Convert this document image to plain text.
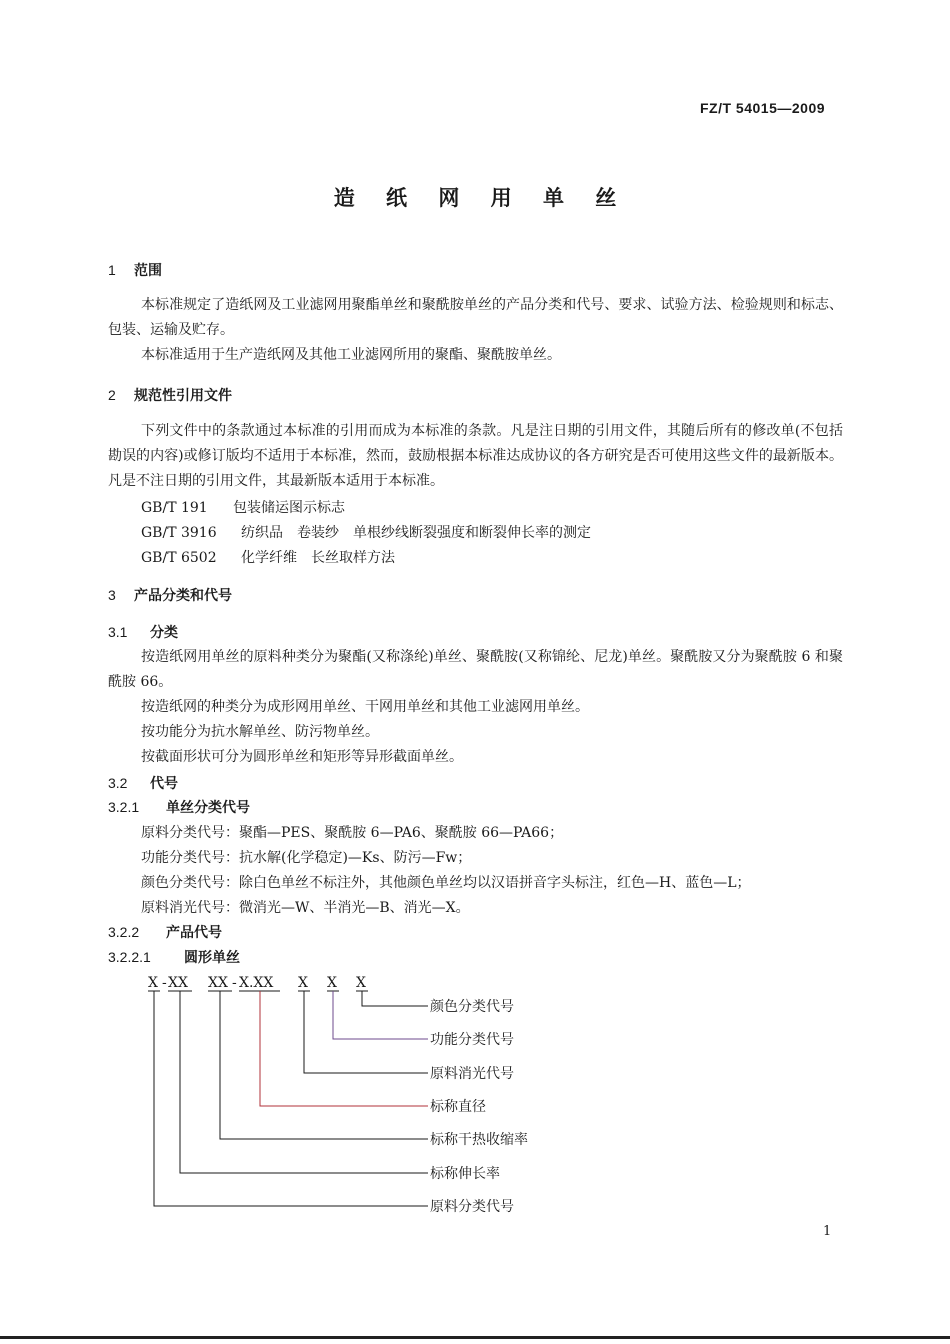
FZ/T 54015—2009
造 纸 网 用 单 丝
1 范围
本标准规定了造纸网及工业滤网用聚酯单丝和聚酰胺单丝的产品分类和代号、要求、试验方法、检验规则和标志、包装、运输及贮存。
本标准适用于生产造纸网及其他工业滤网所用的聚酯、聚酰胺单丝。
2 规范性引用文件
下列文件中的条款通过本标准的引用而成为本标准的条款。凡是注日期的引用文件，其随后所有的修改单(不包括勘误的内容)或修订版均不适用于本标准，然而，鼓励根据本标准达成协议的各方研究是否可使用这些文件的最新版本。凡是不注日期的引用文件，其最新版本适用于本标准。
GB/T 191 包装储运图示标志
GB/T 3916 纺织品　卷装纱　单根纱线断裂强度和断裂伸长率的测定
GB/T 6502 化学纤维　长丝取样方法
3 产品分类和代号
3.1 分类
按造纸网用单丝的原料种类分为聚酯(又称涤纶)单丝、聚酰胺(又称锦纶、尼龙)单丝。聚酰胺又分为聚酰胺 6 和聚酰胺 66。
按造纸网的种类分为成形网用单丝、干网用单丝和其他工业滤网用单丝。
按功能分为抗水解单丝、防污物单丝。
按截面形状可分为圆形单丝和矩形等异形截面单丝。
3.2 代号
3.2.1 单丝分类代号
原料分类代号：聚酯—PES、聚酰胺 6—PA6、聚酰胺 66—PA66；
功能分类代号：抗水解(化学稳定)—Ks、防污—Fw；
颜色分类代号：除白色单丝不标注外，其他颜色单丝均以汉语拼音字头标注，红色—H、蓝色—L；
原料消光代号：微消光—W、半消光—B、消光—X。
3.2.2 产品代号
3.2.2.1 圆形单丝
X - XX XX - X.XX X X X
颜色分类代号
功能分类代号
原料消光代号
标称直径
标称干热收缩率
标称伸长率
原料分类代号
1
